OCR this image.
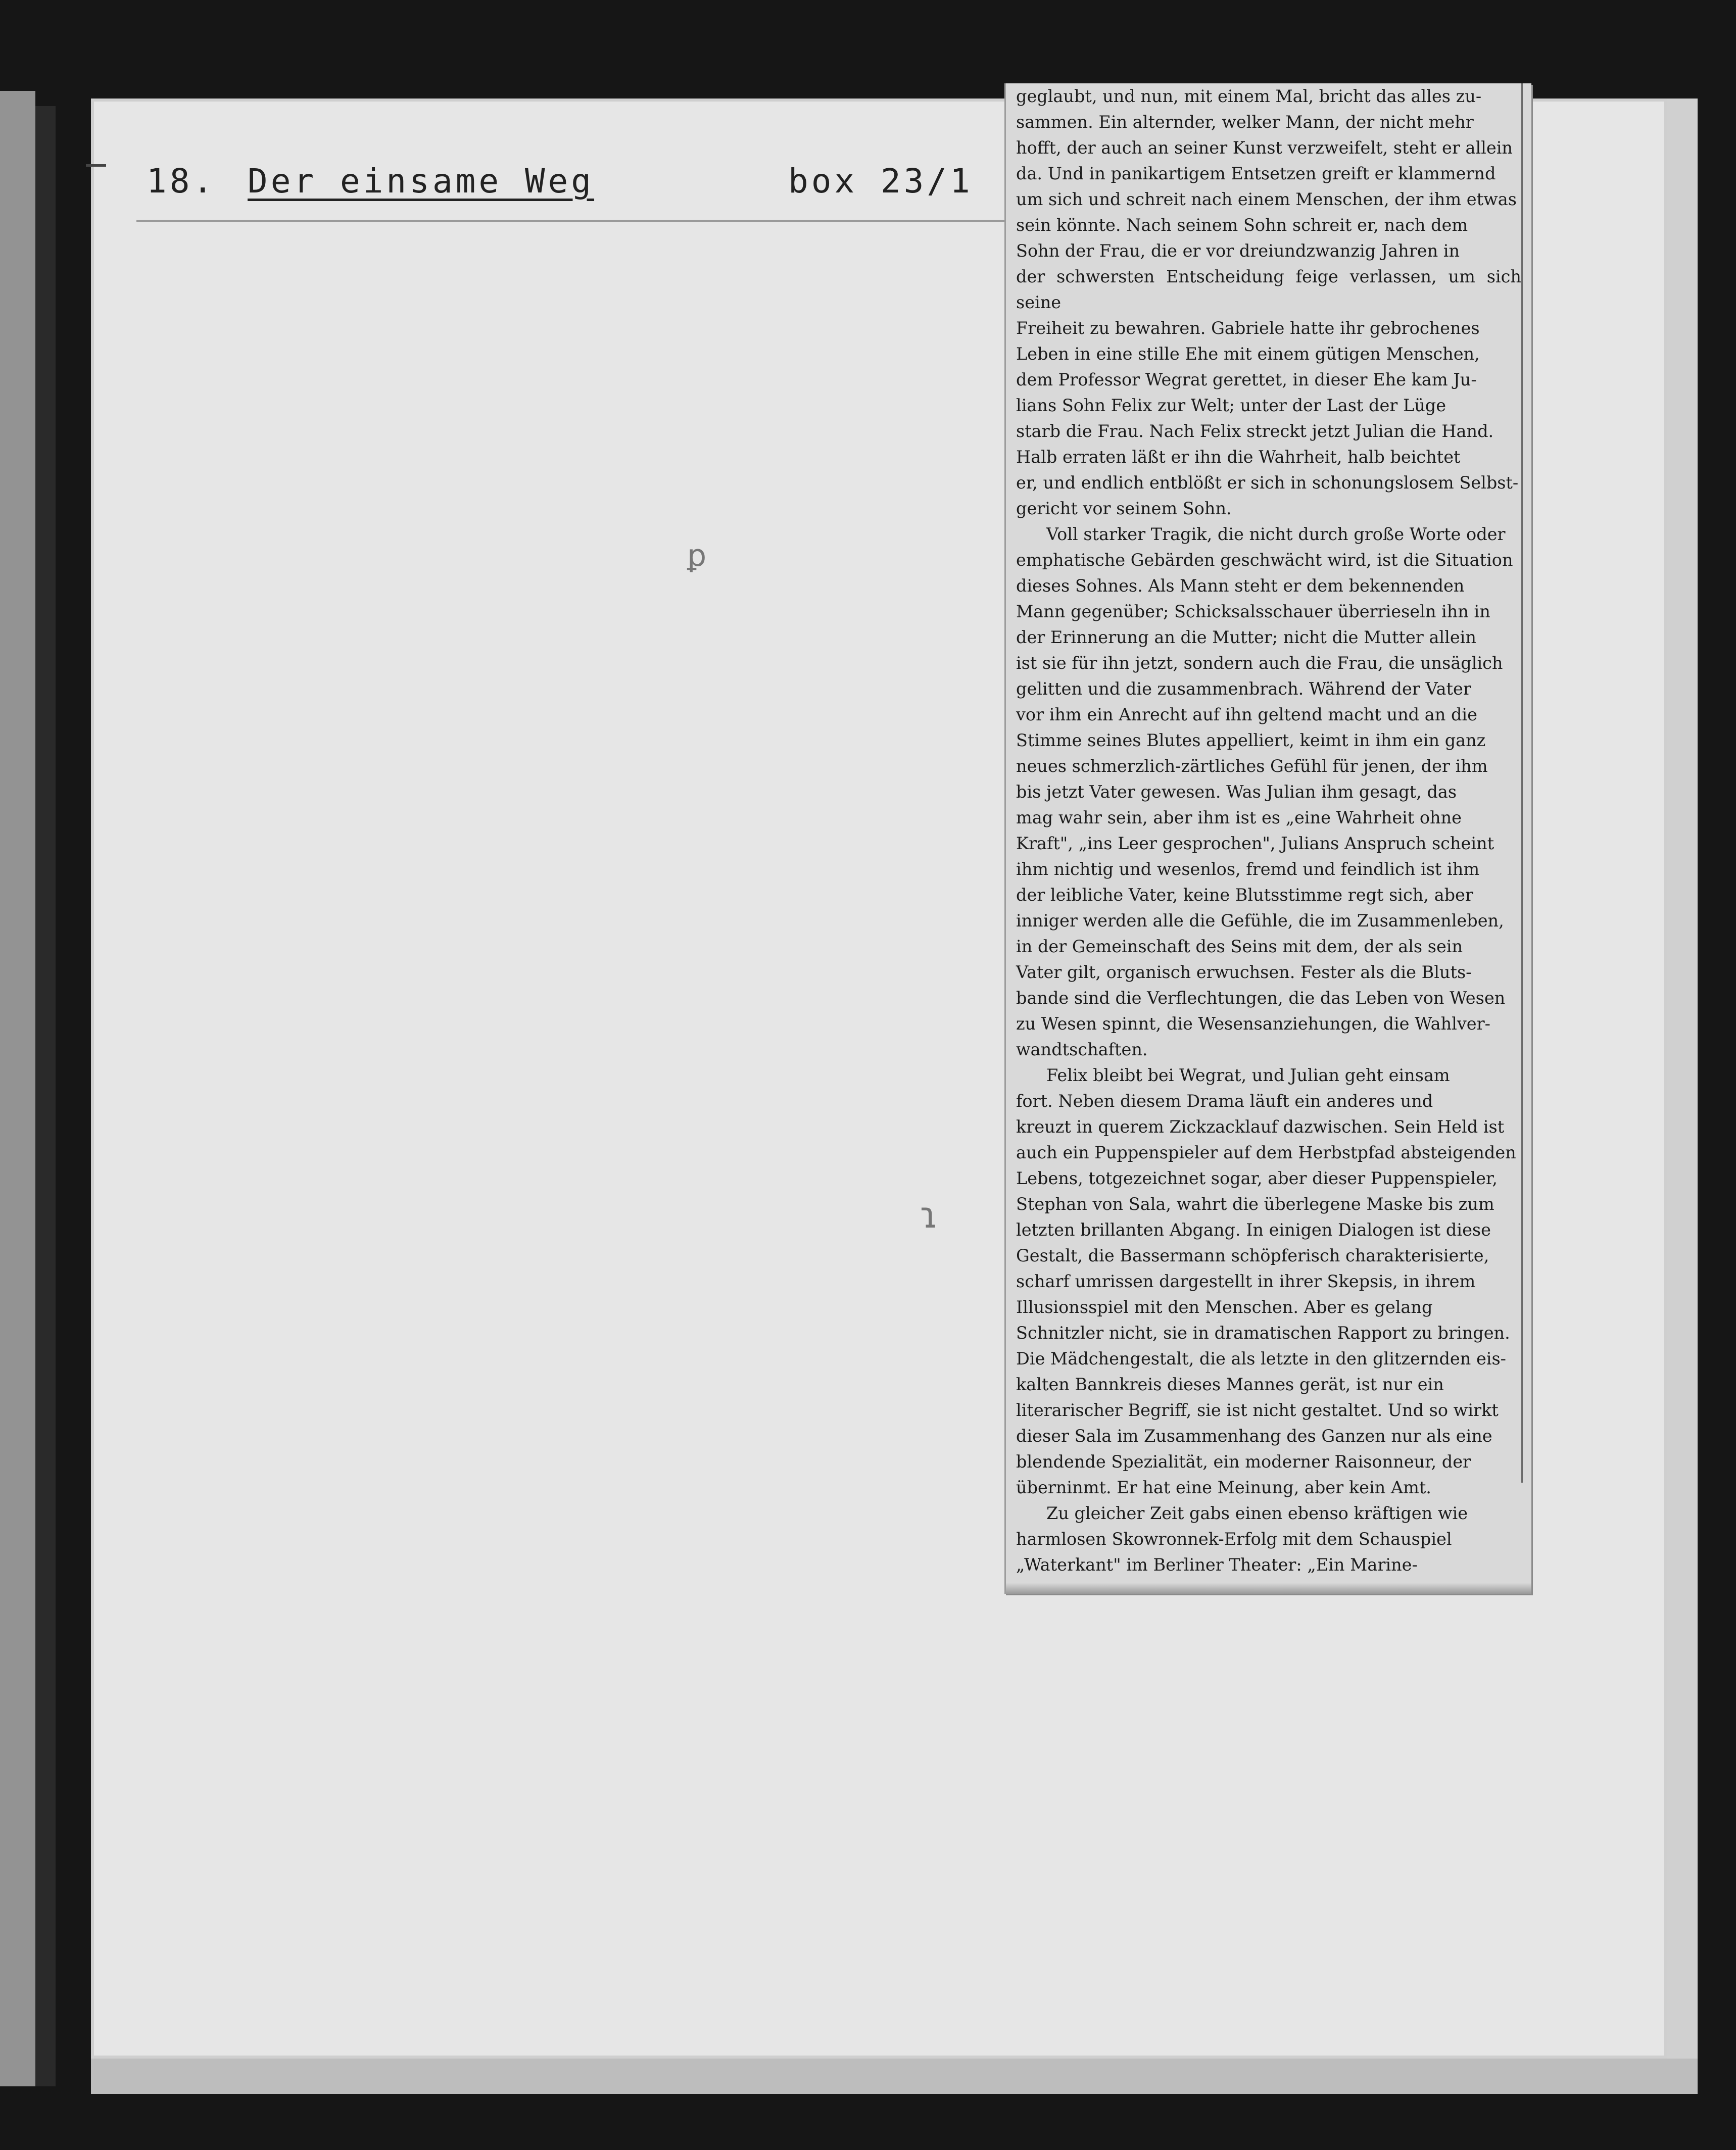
18. Der einsame Weg	box 23/1

geglaubt, und nun, mit einem Mal, bricht das alles zu-

sammen. Ein alternder, welker Mann, der nicht mehr

hofft, der auch an seiner Kunst verzweifelt, steht er allein

da. Und in panikartigem Entsetzen greift er klammernd

um sich und schreit nach einem Menschen, der ihm etwas

sein könnte. Nach seinem Sohn schreit er, nach dem

Sohn der Frau, die er vor dreiundzwanzig Jahren in

der schwersten Entscheidung feige verlassen, um sich seine

Freiheit zu bewahren. Gabriele hatte ihr gebrochenes

Leben in eine stille Ehe mit einem gütigen Menschen,

dem Professor Wegrat gerettet, in dieser Ehe kam Ju-

lians Sohn Felix zur Welt; unter der Last der Lüge

starb die Frau. Nach Felix streckt jetzt Julian die Hand.

Halb erraten läßt er ihn die Wahrheit, halb beichtet

er, und endlich entblößt er sich in schonungslosem Selbst-

gericht vor seinem Sohn.

Voll starker Tragik, die nicht durch große Worte oder

emphatische Gebärden geschwächt wird, ist die Situation

dieses Sohnes. Als Mann steht er dem bekennenden

Mann gegenüber; Schicksalsschauer überrieseln ihn in

der Erinnerung an die Mutter; nicht die Mutter allein

ist sie für ihn jetzt, sondern auch die Frau, die unsäglich

gelitten und die zusammenbrach. Während der Vater

vor ihm ein Anrecht auf ihn geltend macht und an die

Stimme seines Blutes appelliert, keimt in ihm ein ganz

neues schmerzlich-zärtliches Gefühl für jenen, der ihm

bis jetzt Vater gewesen. Was Julian ihm gesagt, das

mag wahr sein, aber ihm ist es „eine Wahrheit ohne

Kraft", „ins Leer gesprochen", Julians Anspruch scheint

ihm nichtig und wesenlos, fremd und feindlich ist ihm

der leibliche Vater, keine Blutsstimme regt sich, aber

inniger werden alle die Gefühle, die im Zusammenleben,

in der Gemeinschaft des Seins mit dem, der als sein

Vater gilt, organisch erwuchsen. Fester als die Bluts-

bande sind die Verflechtungen, die das Leben von Wesen

zu Wesen spinnt, die Wesensanziehungen, die Wahlver-

wandtschaften.

Felix bleibt bei Wegrat, und Julian geht einsam

fort. Neben diesem Drama läuft ein anderes und

kreuzt in querem Zickzacklauf dazwischen. Sein Held ist

auch ein Puppenspieler auf dem Herbstpfad absteigenden

Lebens, totgezeichnet sogar, aber dieser Puppenspieler,

Stephan von Sala, wahrt die überlegene Maske bis zum

letzten brillanten Abgang. In einigen Dialogen ist diese

Gestalt, die Bassermann schöpferisch charakterisierte,

scharf umrissen dargestellt in ihrer Skepsis, in ihrem

Illusionsspiel mit den Menschen. Aber es gelang

Schnitzler nicht, sie in dramatischen Rapport zu bringen.

Die Mädchengestalt, die als letzte in den glitzernden eis-

kalten Bannkreis dieses Mannes gerät, ist nur ein

literarischer Begriff, sie ist nicht gestaltet. Und so wirkt

dieser Sala im Zusammenhang des Ganzen nur als eine

blendende Spezialität, ein moderner Raisonneur, der

überninmt. Er hat eine Meinung, aber kein Amt.

Zu gleicher Zeit gabs einen ebenso kräftigen wie

harmlosen Skowronnek-Erfolg mit dem Schauspiel

„Waterkant" im Berliner Theater: „Ein Marine-

ꝑ
ɿ
